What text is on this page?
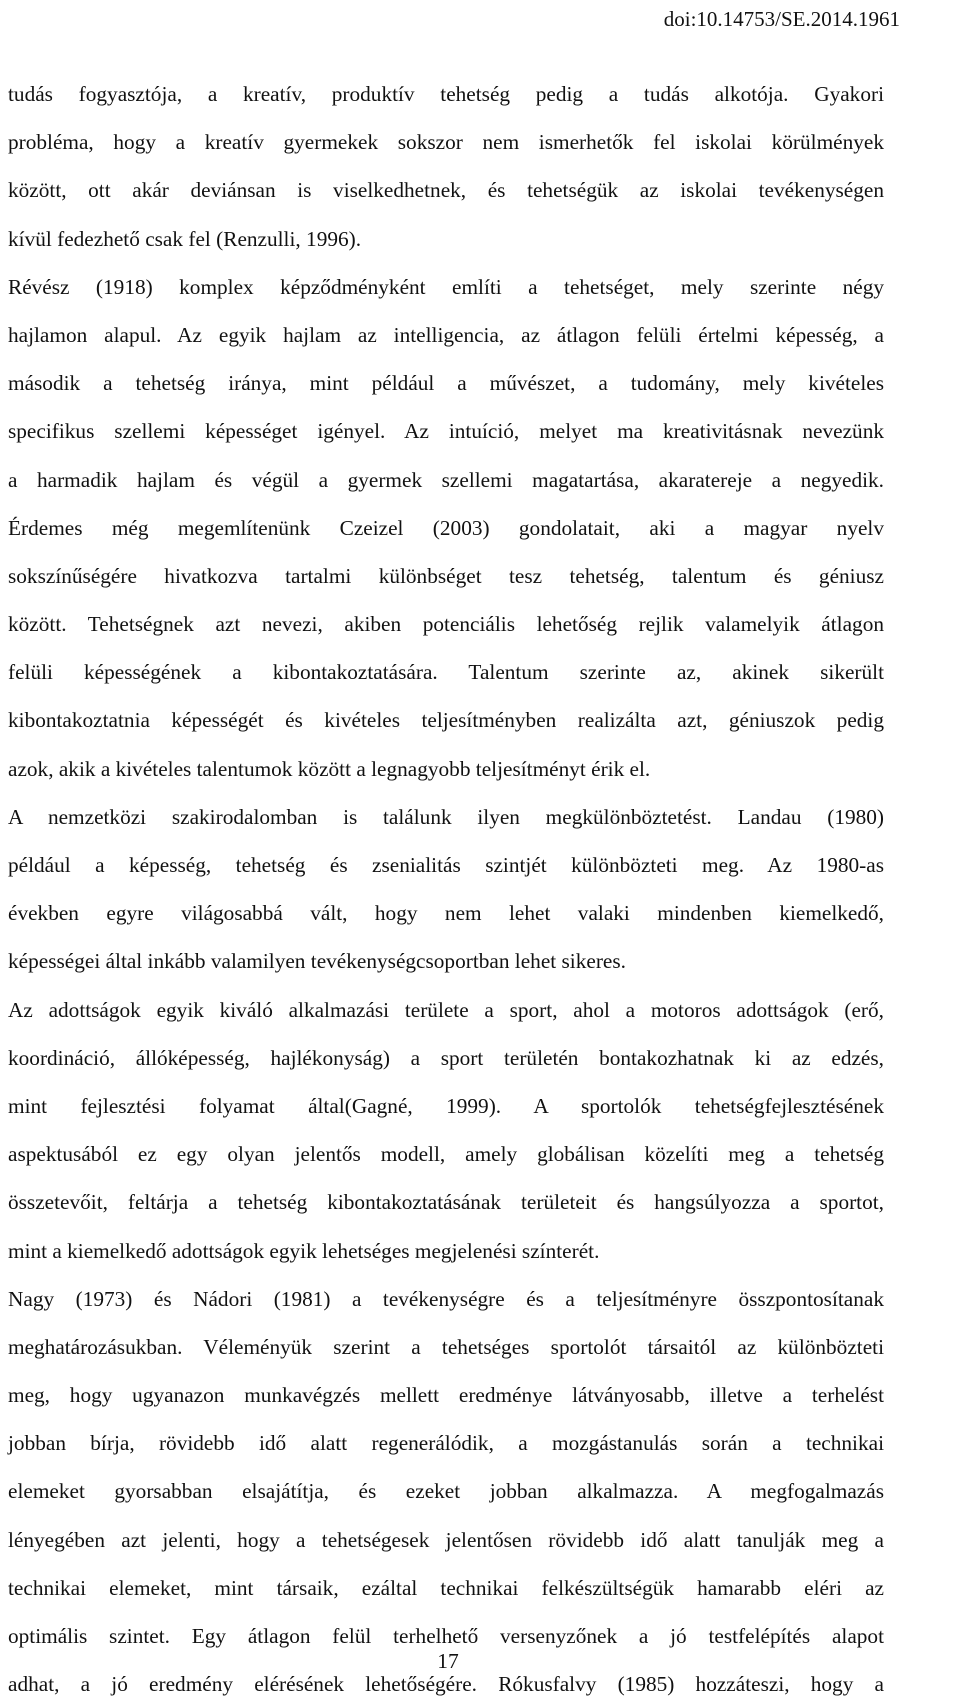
doi:10.14753/SE.2014.1961
tudás fogyasztója, a kreatív, produktív tehetség pedig a tudás alkotója. Gyakori
probléma, hogy a kreatív gyermekek sokszor nem ismerhetők fel iskolai körülmények
között, ott akár deviánsan is viselkedhetnek, és tehetségük az iskolai tevékenységen
kívül fedezhető csak fel (Renzulli, 1996).
Révész (1918) komplex képződményként említi a tehetséget, mely szerinte négy
hajlamon alapul. Az egyik hajlam az intelligencia, az átlagon felüli értelmi képesség, a
második a tehetség iránya, mint például a művészet, a tudomány, mely kivételes
specifikus szellemi képességet igényel. Az intuíció, melyet ma kreativitásnak nevezünk
a harmadik hajlam és végül a gyermek szellemi magatartása, akaratereje a negyedik.
Érdemes még megemlítenünk Czeizel (2003) gondolatait, aki a magyar nyelv
sokszínűségére hivatkozva tartalmi különbséget tesz tehetség, talentum és géniusz
között. Tehetségnek azt nevezi, akiben potenciális lehetőség rejlik valamelyik átlagon
felüli képességének a kibontakoztatására. Talentum szerinte az, akinek sikerült
kibontakoztatnia képességét és kivételes teljesítményben realizálta azt, géniuszok pedig
azok, akik a kivételes talentumok között a legnagyobb teljesítményt érik el.
A nemzetközi szakirodalomban is találunk ilyen megkülönböztetést. Landau (1980)
például a képesség, tehetség és zsenialitás szintjét különbözteti meg. Az 1980-as
években egyre világosabbá vált, hogy nem lehet valaki mindenben kiemelkedő,
képességei által inkább valamilyen tevékenységcsoportban lehet sikeres.
Az adottságok egyik kiváló alkalmazási területe a sport, ahol a motoros adottságok (erő,
koordináció, állóképesség, hajlékonyság) a sport területén bontakozhatnak ki az edzés,
mint fejlesztési folyamat által(Gagné, 1999). A sportolók tehetségfejlesztésének
aspektusából ez egy olyan jelentős modell, amely globálisan közelíti meg a tehetség
összetevőit, feltárja a tehetség kibontakoztatásának területeit és hangsúlyozza a sportot,
mint a kiemelkedő adottságok egyik lehetséges megjelenési színterét.
Nagy (1973) és Nádori (1981) a tevékenységre és a teljesítményre összpontosítanak
meghatározásukban. Véleményük szerint a tehetséges sportolót társaitól az különbözteti
meg, hogy ugyanazon munkavégzés mellett eredménye látványosabb, illetve a terhelést
jobban bírja, rövidebb idő alatt regenerálódik, a mozgástanulás során a technikai
elemeket gyorsabban elsajátítja, és ezeket jobban alkalmazza. A megfogalmazás
lényegében azt jelenti, hogy a tehetségesek jelentősen rövidebb idő alatt tanulják meg a
technikai elemeket, mint társaik, ezáltal technikai felkészültségük hamarabb eléri az
optimális szintet. Egy átlagon felül terhelhető versenyzőnek a jó testfelépítés alapot
adhat, a jó eredmény elérésének lehetőségére. Rókusfalvy (1985) hozzáteszi, hogy a
17
